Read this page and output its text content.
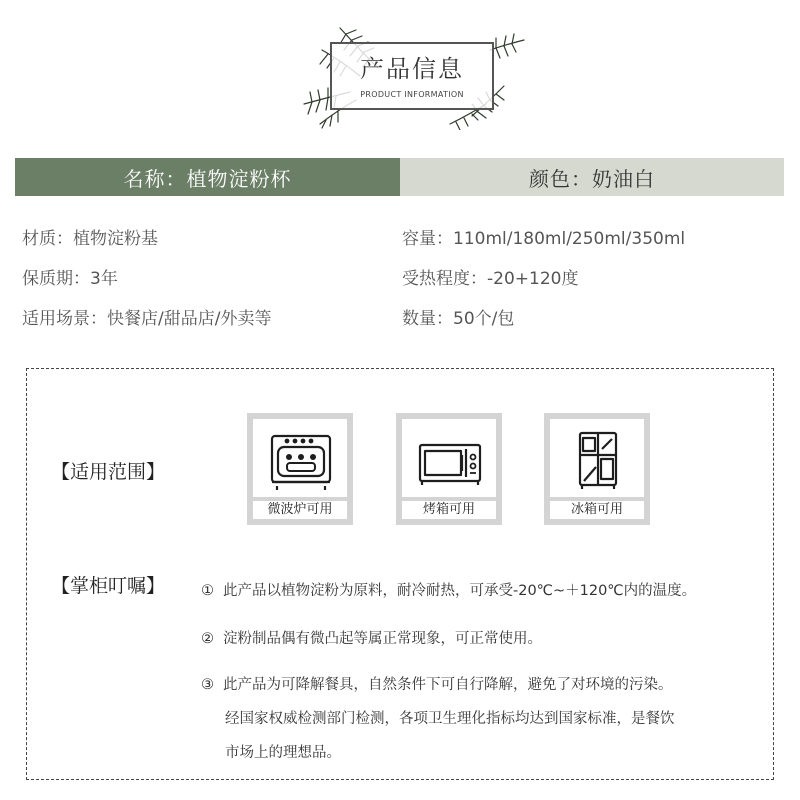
产品信息
PRODUCT INFORMATION
名称：植物淀粉杯	颜色：奶油白
材质：植物淀粉基	容量：110ml/180ml/250ml/350ml
保质期：3年	受热程度：-20+120度
适用场景：快餐店/甜品店/外卖等	数量：50个/包
【适用范围】
微波炉可用	烤箱可用	冰箱可用
【掌柜叮嘱】 ① 此产品以植物淀粉为原料，耐冷耐热，可承受-20℃~＋120℃内的温度。
② 淀粉制品偶有微凸起等属正常现象，可正常使用。
③ 此产品为可降解餐具，自然条件下可自行降解，避免了对环境的污染。
经国家权威检测部门检测，各项卫生理化指标均达到国家标准，是餐饮
市场上的理想品。
